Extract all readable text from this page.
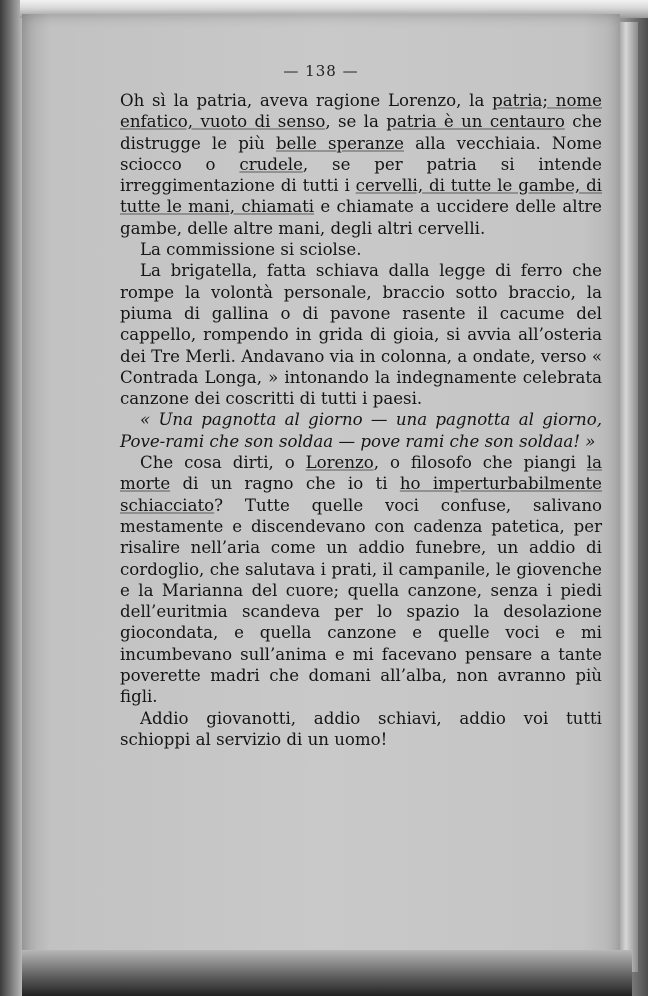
— 138 —

Oh sì la patria, aveva ragione Lorenzo, la patria; nome enfatico, vuoto di senso, se la patria è un centauro che distrugge le più belle speranze alla vecchiaia. Nome sciocco o crudele, se per patria si intende irreggimentazione di tutti i cervelli, di tutte le gambe, di tutte le mani, chiamati e chiamate a uccidere delle altre gambe, delle altre mani, degli altri cervelli.

La commissione si sciolse.

La brigatella, fatta schiava dalla legge di ferro che rompe la volontà personale, braccio sotto braccio, la piuma di gallina o di pavone rasente il cacume del cappello, rompendo in grida di gioia, si avvia all’osteria dei Tre Merli. Andavano via in colonna, a ondate, verso « Contrada Longa, » intonando la indegnamente celebrata canzone dei coscritti di tutti i paesi.

« Una pagnotta al giorno — una pagnotta al giorno, Pove-rami che son soldaa — pove rami che son soldaa! »

Che cosa dirti, o Lorenzo, o filosofo che piangi la morte di un ragno che io ti ho imperturbabilmente schiacciato? Tutte quelle voci confuse, salivano mestamente e discendevano con cadenza patetica, per risalire nell’aria come un addio funebre, un addio di cordoglio, che salutava i prati, il campanile, le giovenche e la Marianna del cuore; quella canzone, senza i piedi dell’euritmia scandeva per lo spazio la desolazione giocondata, e quella canzone e quelle voci e mi incumbevano sull’anima e mi facevano pensare a tante poverette madri che domani all’alba, non avranno più figli.

Addio giovanotti, addio schiavi, addio voi tutti schioppi al servizio di un uomo!
